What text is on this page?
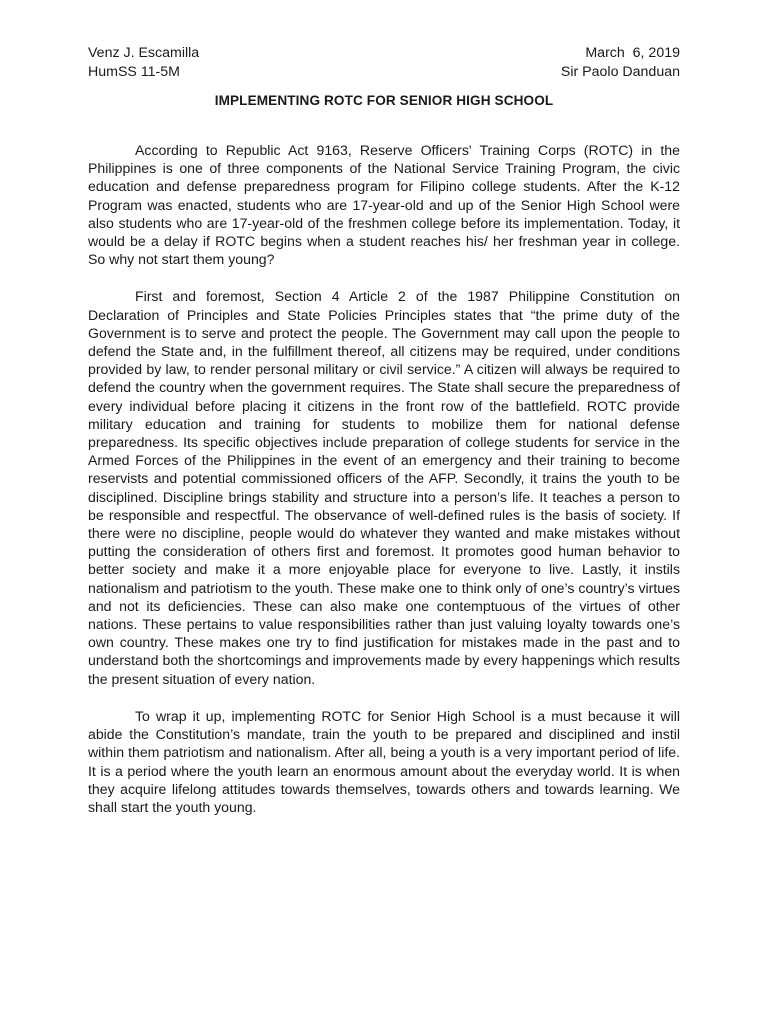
Venz J. Escamilla
HumSS 11-5M
March  6, 2019
Sir Paolo Danduan
IMPLEMENTING ROTC FOR SENIOR HIGH SCHOOL

According to Republic Act 9163, Reserve Officers' Training Corps (ROTC) in the Philippines is one of three components of the National Service Training Program, the civic education and defense preparedness program for Filipino college students. After the K-12 Program was enacted, students who are 17-year-old and up of the Senior High School were also students who are 17-year-old of the freshmen college before its implementation. Today, it would be a delay if ROTC begins when a student reaches his/ her freshman year in college. So why not start them young?

First and foremost, Section 4 Article 2 of the 1987 Philippine Constitution on Declaration of Principles and State Policies Principles states that “the prime duty of the Government is to serve and protect the people. The Government may call upon the people to defend the State and, in the fulfillment thereof, all citizens may be required, under conditions provided by law, to render personal military or civil service.” A citizen will always be required to defend the country when the government requires. The State shall secure the preparedness of every individual before placing it citizens in the front row of the battlefield. ROTC provide military education and training for students to mobilize them for national defense preparedness. Its specific objectives include preparation of college students for service in the Armed Forces of the Philippines in the event of an emergency and their training to become reservists and potential commissioned officers of the AFP. Secondly, it trains the youth to be disciplined. Discipline brings stability and structure into a person’s life. It teaches a person to be responsible and respectful. The observance of well-defined rules is the basis of society. If there were no discipline, people would do whatever they wanted and make mistakes without putting the consideration of others first and foremost. It promotes good human behavior to better society and make it a more enjoyable place for everyone to live. Lastly, it instils nationalism and patriotism to the youth. These make one to think only of one’s country’s virtues and not its deficiencies. These can also make one contemptuous of the virtues of other nations. These pertains to value responsibilities rather than just valuing loyalty towards one’s own country. These makes one try to find justification for mistakes made in the past and to understand both the shortcomings and improvements made by every happenings which results the present situation of every nation.

To wrap it up, implementing ROTC for Senior High School is a must because it will abide the Constitution’s mandate, train the youth to be prepared and disciplined and instil within them patriotism and nationalism. After all, being a youth is a very important period of life. It is a period where the youth learn an enormous amount about the everyday world. It is when they acquire lifelong attitudes towards themselves, towards others and towards learning. We shall start the youth young.
